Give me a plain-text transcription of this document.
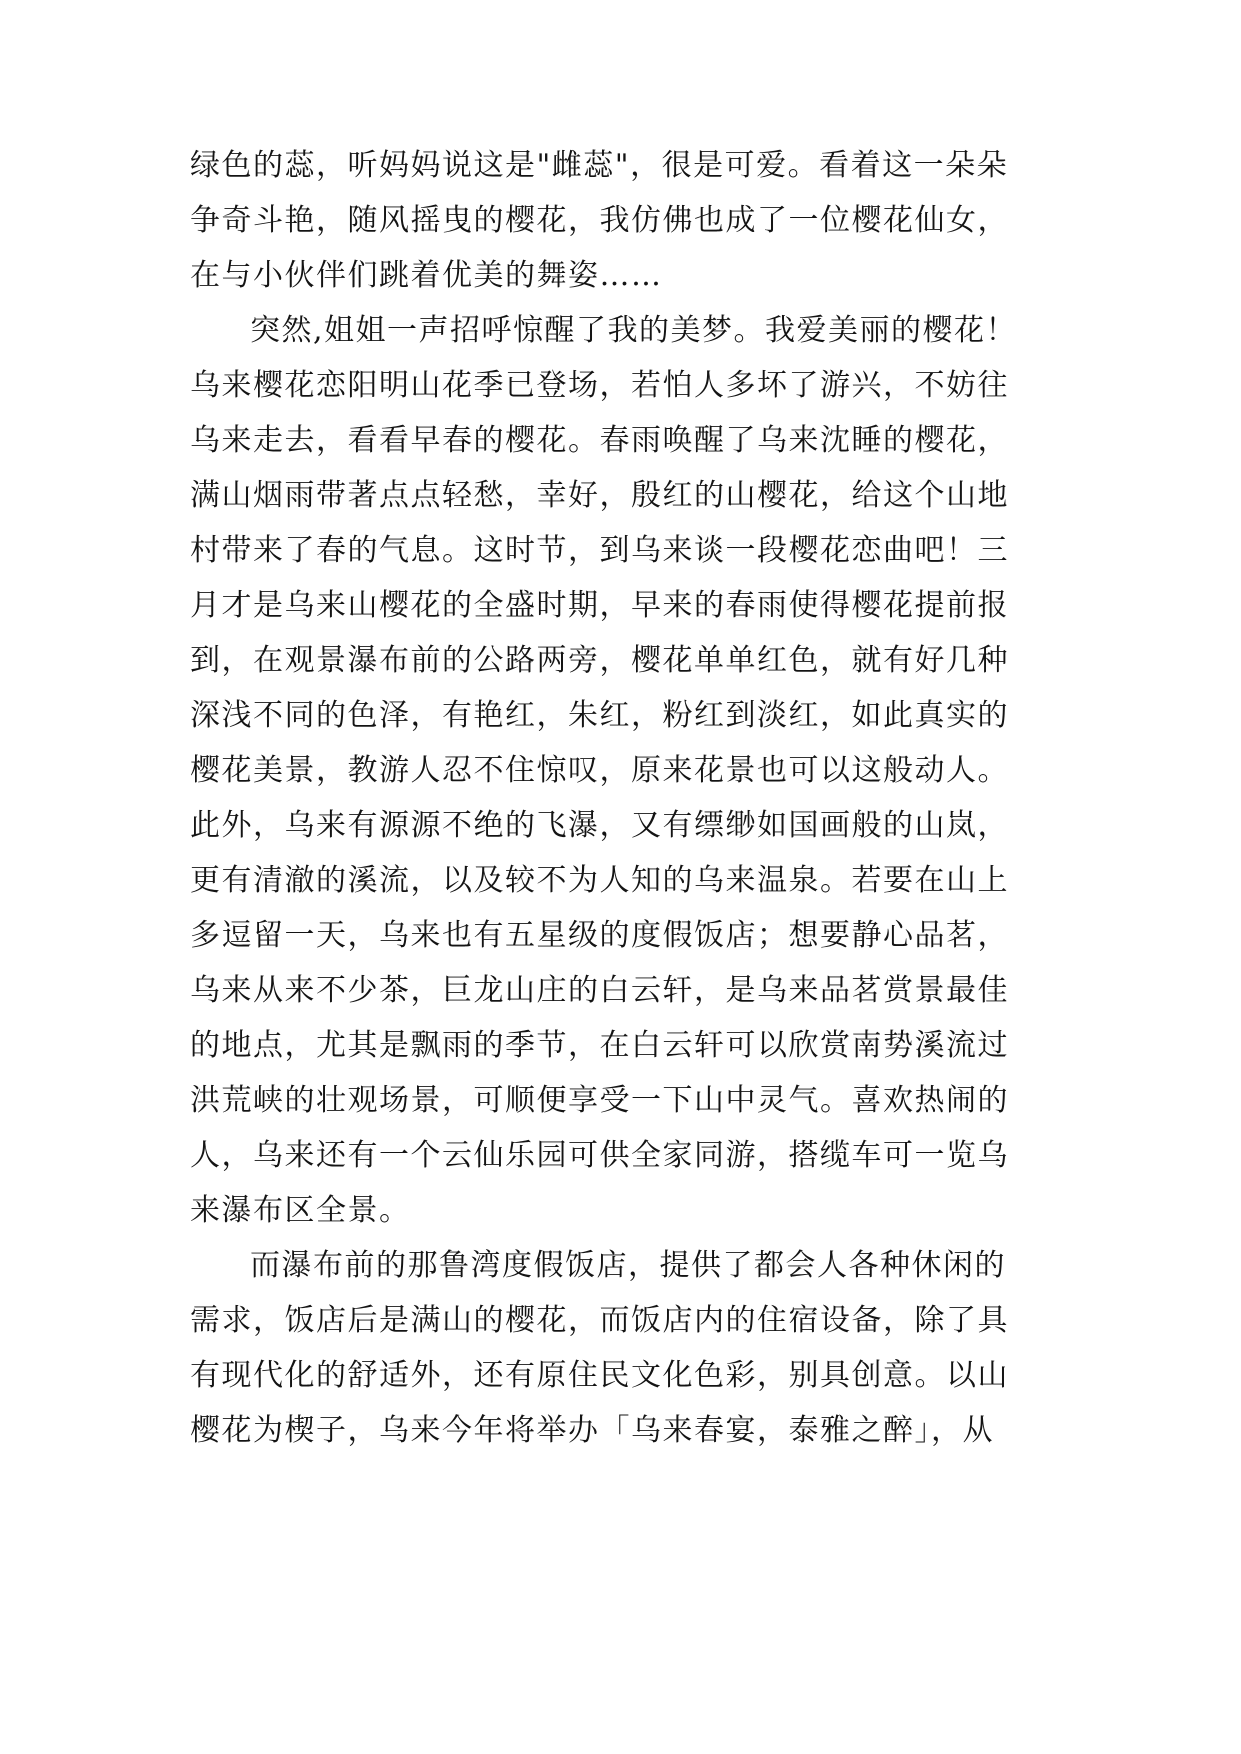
绿色的蕊，听妈妈说这是"雌蕊"，很是可爱。看着这一朵朵
争奇斗艳，随风摇曳的樱花，我仿佛也成了一位樱花仙女，
在与小伙伴们跳着优美的舞姿……
突然,姐姐一声招呼惊醒了我的美梦。我爱美丽的樱花！
乌来樱花恋阳明山花季已登场，若怕人多坏了游兴，不妨往
乌来走去，看看早春的樱花。春雨唤醒了乌来沈睡的樱花，
满山烟雨带著点点轻愁，幸好，殷红的山樱花，给这个山地
村带来了春的气息。这时节，到乌来谈一段樱花恋曲吧！三
月才是乌来山樱花的全盛时期，早来的春雨使得樱花提前报
到，在观景瀑布前的公路两旁，樱花单单红色，就有好几种
深浅不同的色泽，有艳红，朱红，粉红到淡红，如此真实的
樱花美景，教游人忍不住惊叹，原来花景也可以这般动人。
此外，乌来有源源不绝的飞瀑，又有缥缈如国画般的山岚，
更有清澈的溪流，以及较不为人知的乌来温泉。若要在山上
多逗留一天，乌来也有五星级的度假饭店；想要静心品茗，
乌来从来不少茶，巨龙山庄的白云轩，是乌来品茗赏景最佳
的地点，尤其是飘雨的季节，在白云轩可以欣赏南势溪流过
洪荒峡的壮观场景，可顺便享受一下山中灵气。喜欢热闹的
人，乌来还有一个云仙乐园可供全家同游，搭缆车可一览乌
来瀑布区全景。
而瀑布前的那鲁湾度假饭店，提供了都会人各种休闲的
需求，饭店后是满山的樱花，而饭店内的住宿设备，除了具
有现代化的舒适外，还有原住民文化色彩，别具创意。以山
樱花为楔子，乌来今年将举办「乌来春宴，泰雅之醉」，从
